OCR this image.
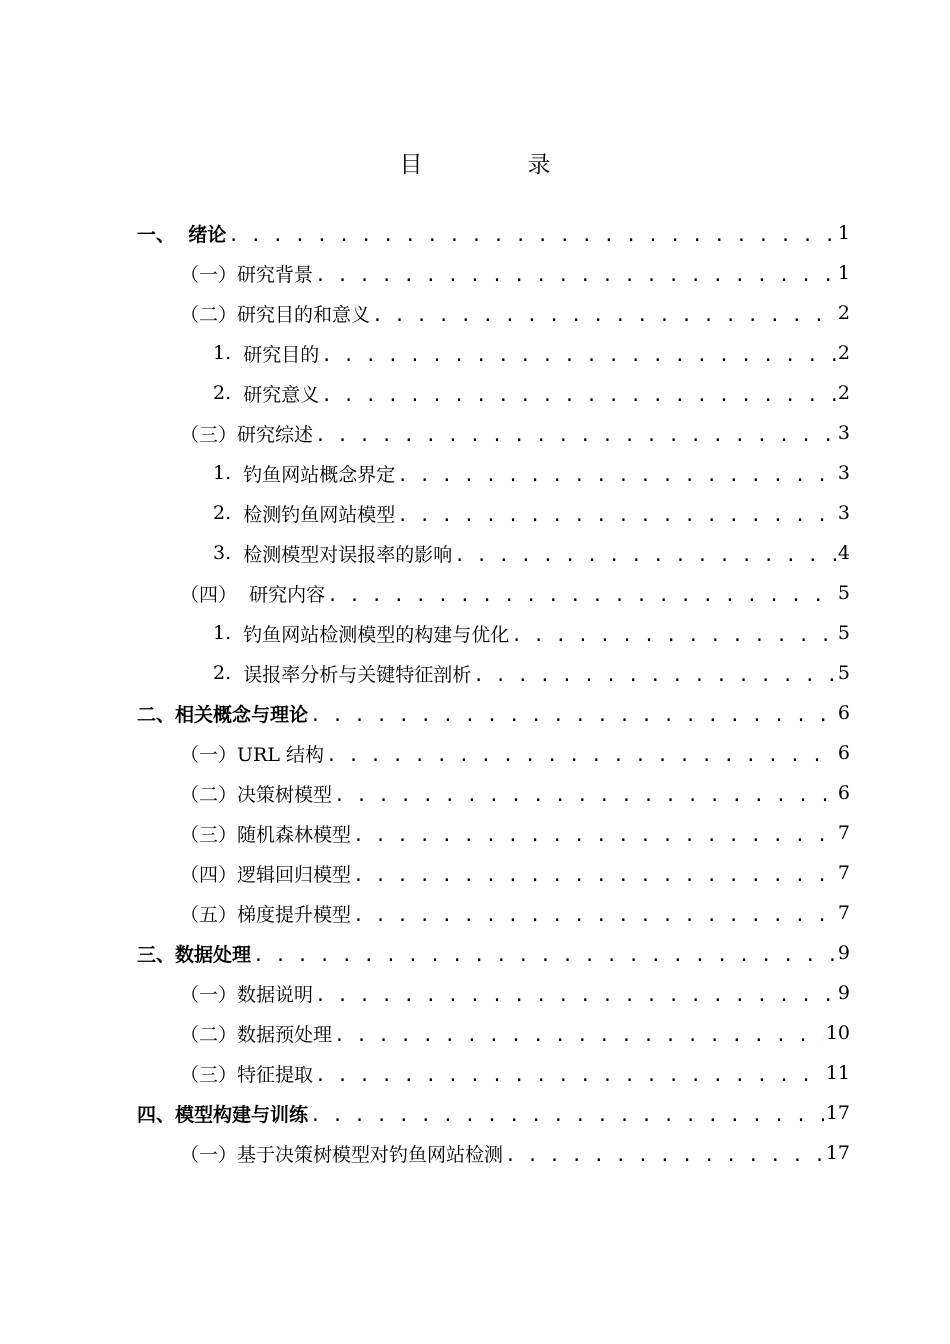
目	录
一、 绪论 . . .	1
（一） 研究背景 . . .	1
（二） 研究目的和意义 . . .	2
1. 研究目的 . . .	2
2. 研究意义 . . .	2
（三） 研究综述 . . .	3
1. 钓鱼网站概念界定 . . .	3
2. 检测钓鱼网站模型 . . .	3
3. 检测模型对误报率的影响 . . .	4
（四） 研究内容 . . .	5
1. 钓鱼网站检测模型的构建与优化 . . .	5
2. 误报率分析与关键特征剖析 . . .	5
二、 相关概念与理论 . . .	6
（一） URL 结构 . . .	6
（二） 决策树模型 . . .	6
（三） 随机森林模型 . . .	7
（四） 逻辑回归模型 . . .	7
（五） 梯度提升模型 . . .	7
三、 数据处理 . . .	9
（一） 数据说明 . . .	9
（二） 数据预处理 . . .	10
（三） 特征提取 . . .	11
四、 模型构建与训练 . . .	17
（一） 基于决策树模型对钓鱼网站检测 . . .	17
